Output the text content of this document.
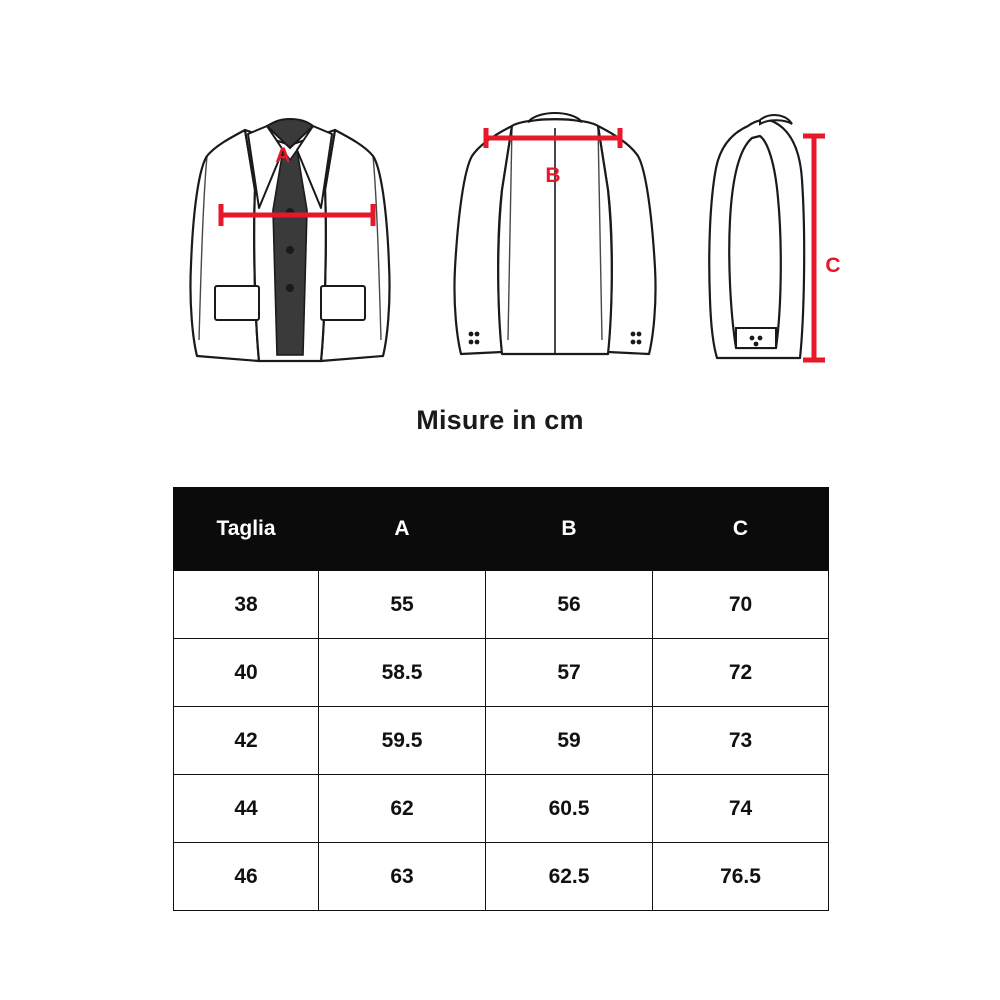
A
B
C
Misure in cm
Taglia	A	B	C
38	55	56	70
40	58.5	57	72
42	59.5	59	73
44	62	60.5	74
46	63	62.5	76.5
